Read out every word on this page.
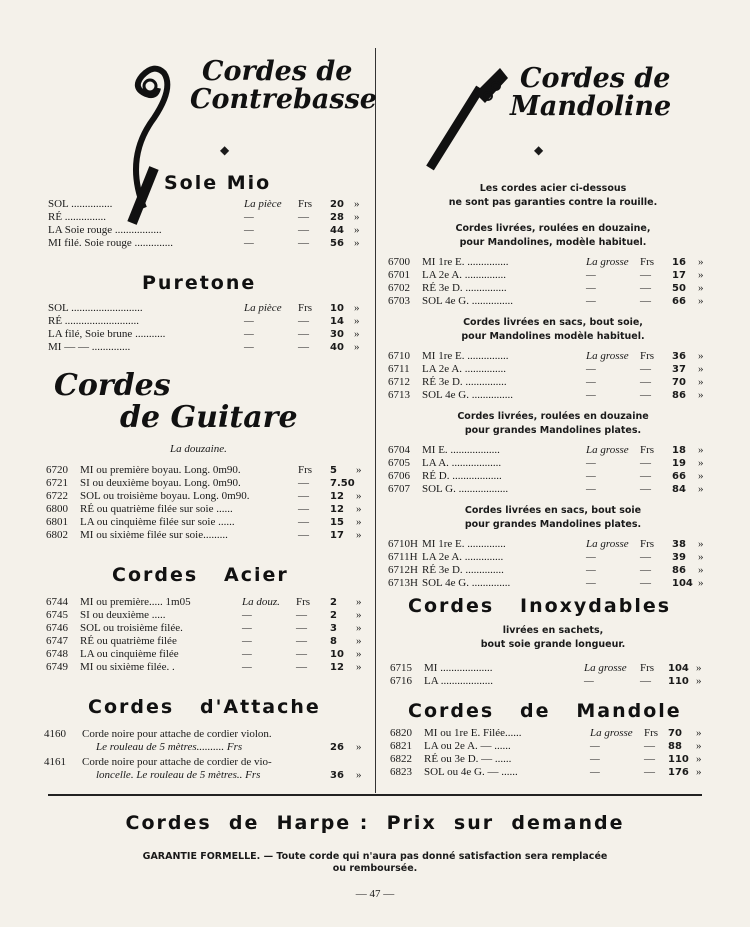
Cordes de
Contrebasse
◆
Sole Mio
SOL ...............	La pièce Frs 20 »
RÉ ...............	—	— 28 »
LA Soie rouge .................	—	— 44 »
MI filé. Soie rouge ..............	—	— 56 »
Puretone
SOL ..........................	La pièce Frs 10 »
RÉ ...........................	—	— 14 »
LA filé, Soie brune ...........	—	— 30 »
MI — — ..............	—	— 40 »
Cordes
de Guitare
La douzaine.
6720 MI ou première boyau. Long. 0m90.	Frs 5 »
6721 SI ou deuxième boyau. Long. 0m90.	— 7.50
6722 SOL ou troisième boyau. Long. 0m90.	— 12 »
6800 RÉ ou quatrième filée sur soie ......	— 12 »
6801 LA ou cinquième filée sur soie ......	— 15 »
6802 MI ou sixième filée sur soie.........	— 17 »
Cordes   Acier
6744 MI ou première..... 1m05	La douz. Frs 2 »
6745 SI ou deuxième .....	—	— 2 »
6746 SOL ou troisième filée.	—	— 3 »
6747 RÉ ou quatrième filée	—	— 8 »
6748 LA ou cinquième filée	—	— 10 »
6749 MI ou sixième filée. .	—	— 12 »
Cordes   d'Attache
4160 Corde noire pour attache de cordier violon.
Le rouleau de 5 mètres.......... Frs	26 »
4161 Corde noire pour attache de cordier de vio-
loncelle. Le rouleau de 5 mètres.. Frs	36 »
Cordes de
Mandoline
◆
Les cordes acier ci-dessous
ne sont pas garanties contre la rouille.
Cordes livrées, roulées en douzaine,
pour Mandolines, modèle habituel.
6700 MI 1re E. ...............	La grosse Frs 16 »
6701 LA 2e A. ...............	—	— 17 »
6702 RÉ 3e D. ...............	—	— 50 »
6703 SOL 4e G. ...............	—	— 66 »
Cordes livrées en sacs, bout soie,
pour Mandolines modèle habituel.
6710 MI 1re E. ...............	La grosse Frs 36 »
6711 LA 2e A. ...............	—	— 37 »
6712 RÉ 3e D. ...............	—	— 70 »
6713 SOL 4e G. ...............	—	— 86 »
Cordes livrées, roulées en douzaine
pour grandes Mandolines plates.
6704 MI E. ..................	La grosse Frs 18 »
6705 LA A. ..................	—	— 19 »
6706 RÉ D. ..................	—	— 66 »
6707 SOL G. ..................	—	— 84 »
Cordes livrées en sacs, bout soie
pour grandes Mandolines plates.
6710H MI 1re E. ..............	La grosse Frs 38 »
6711H LA 2e A. ..............	—	— 39 »
6712H RÉ 3e D. ..............	—	— 86 »
6713H SOL 4e G. ..............	—	— 104 »
Cordes   Inoxydables
livrées en sachets,
bout soie grande longueur.
6715 MI ...................	La grosse Frs 104 »
6716 LA ...................	—	— 110 »
Cordes   de   Mandole
6820 MI ou 1re E. Filée......	La grosse Frs 70 »
6821 LA ou 2e A. — ......	—	— 88 »
6822 RÉ ou 3e D. — ......	—	— 110 »
6823 SOL ou 4e G. — ......	—	— 176 »
Cordes  de  Harpe :  Prix  sur  demande
GARANTIE FORMELLE. — Toute corde qui n'aura pas donné satisfaction sera remplacée
ou remboursée.
— 47 —
